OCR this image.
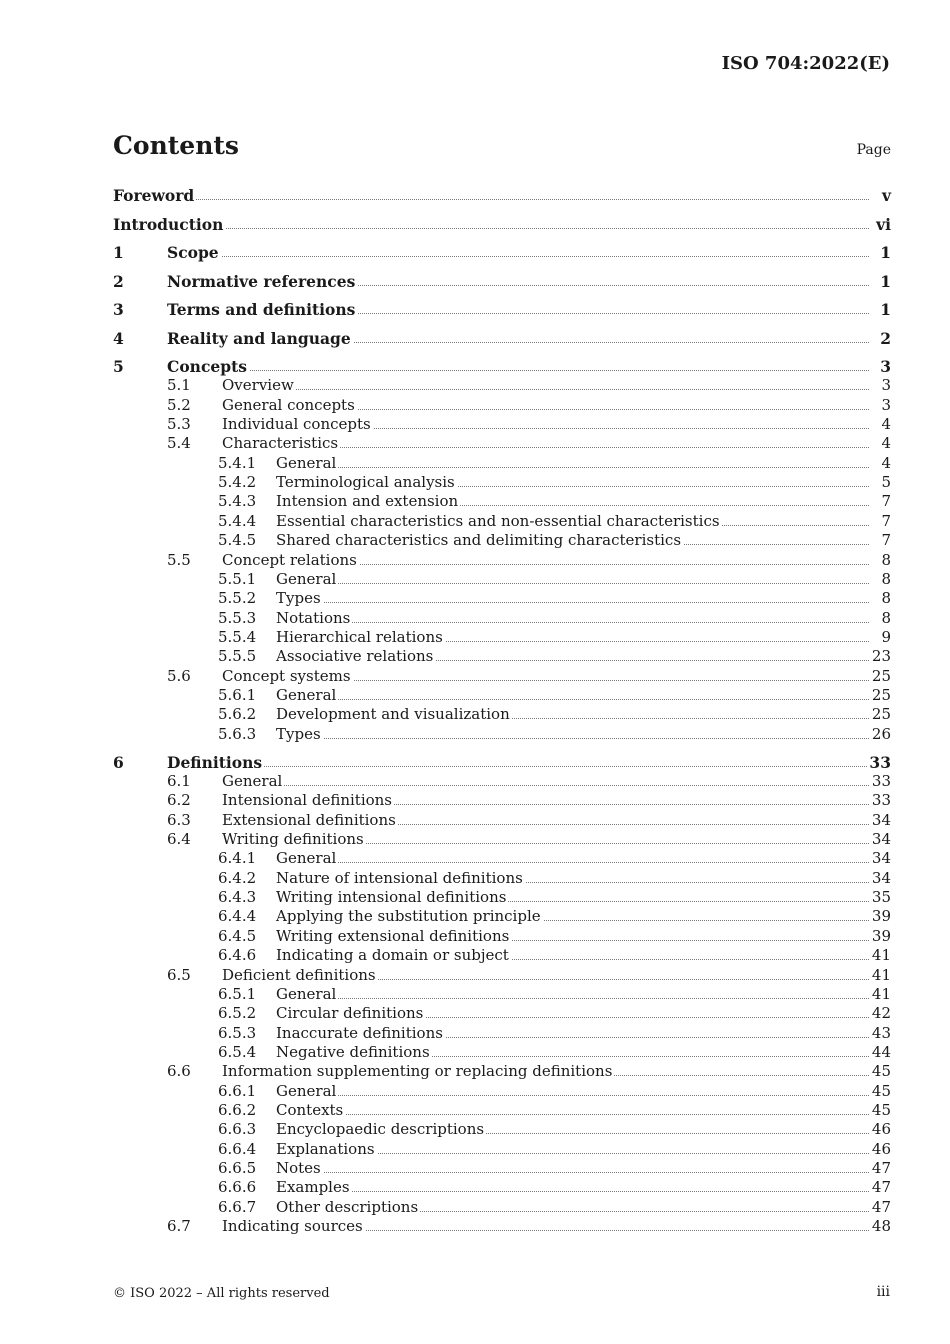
ISO 704:2022(E)
Contents	Page
Foreword	v
Introduction	vi
1	Scope	1
2	Normative references	1
3	Terms and definitions	1
4	Reality and language	2
5	Concepts	3
5.1 Overview	3
5.2 General concepts	3
5.3 Individual concepts	4
5.4 Characteristics	4
5.4.1 General	4
5.4.2 Terminological analysis	5
5.4.3 Intension and extension	7
5.4.4 Essential characteristics and non-essential characteristics	7
5.4.5 Shared characteristics and delimiting characteristics	7
5.5 Concept relations	8
5.5.1 General	8
5.5.2 Types	8
5.5.3 Notations	8
5.5.4 Hierarchical relations	9
5.5.5 Associative relations	23
5.6 Concept systems	25
5.6.1 General	25
5.6.2 Development and visualization	25
5.6.3 Types	26
6	Definitions	33
6.1 General	33
6.2 Intensional definitions	33
6.3 Extensional definitions	34
6.4 Writing definitions	34
6.4.1 General	34
6.4.2 Nature of intensional definitions	34
6.4.3 Writing intensional definitions	35
6.4.4 Applying the substitution principle	39
6.4.5 Writing extensional definitions	39
6.4.6 Indicating a domain or subject	41
6.5 Deficient definitions	41
6.5.1 General	41
6.5.2 Circular definitions	42
6.5.3 Inaccurate definitions	43
6.5.4 Negative definitions	44
6.6 Information supplementing or replacing definitions	45
6.6.1 General	45
6.6.2 Contexts	45
6.6.3 Encyclopaedic descriptions	46
6.6.4 Explanations	46
6.6.5 Notes	47
6.6.6 Examples	47
6.6.7 Other descriptions	47
6.7 Indicating sources	48
© ISO 2022 – All rights reserved	iii
